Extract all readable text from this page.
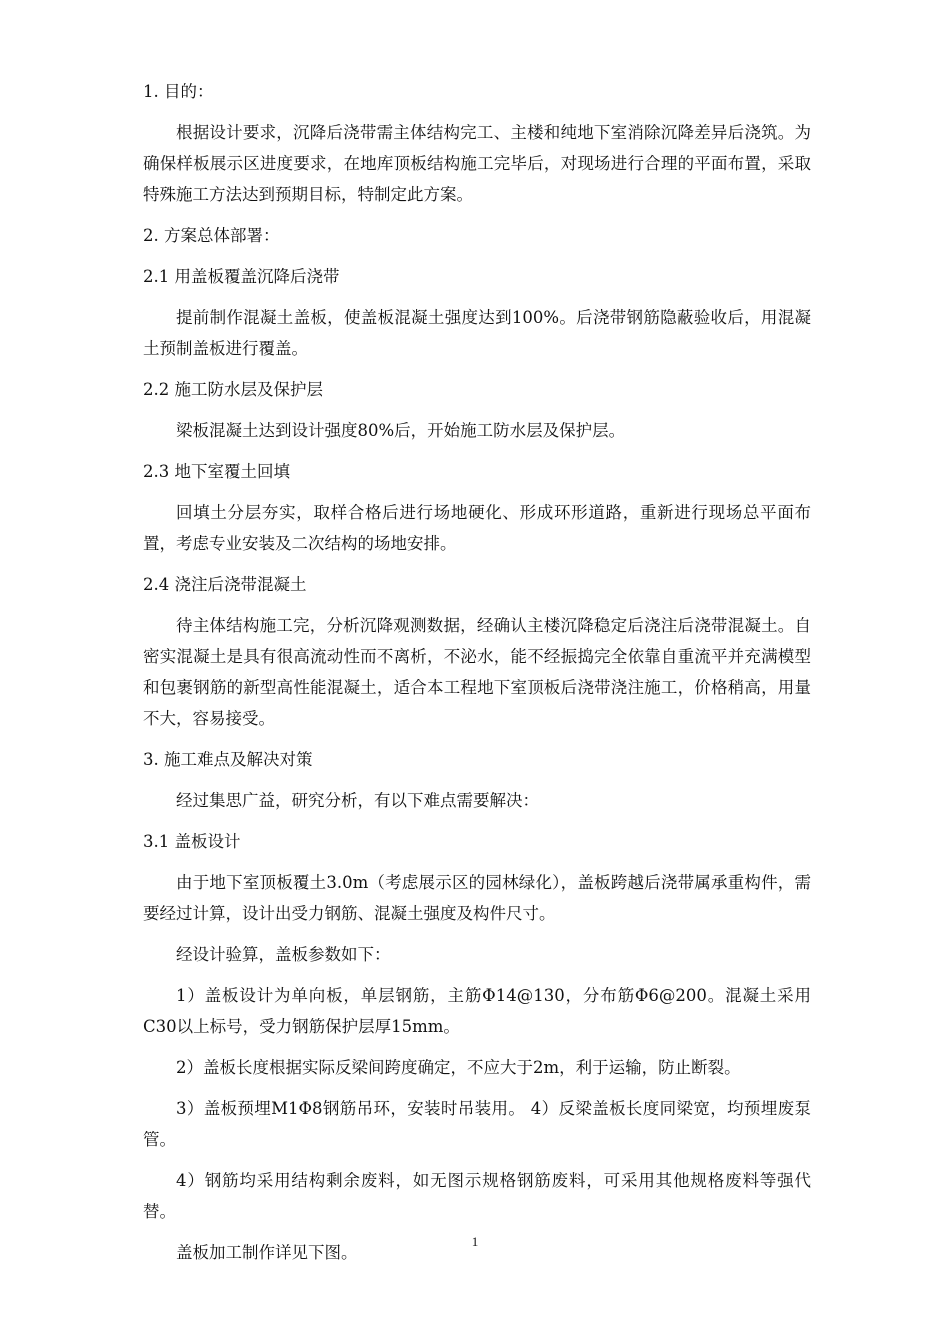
1. 目的：
根据设计要求，沉降后浇带需主体结构完工、主楼和纯地下室消除沉降差异后浇筑。为确保样板展示区进度要求，在地库顶板结构施工完毕后，对现场进行合理的平面布置，采取特殊施工方法达到预期目标，特制定此方案。
2. 方案总体部署：
2.1 用盖板覆盖沉降后浇带
提前制作混凝土盖板，使盖板混凝土强度达到100%。后浇带钢筋隐蔽验收后，用混凝土预制盖板进行覆盖。
2.2 施工防水层及保护层
梁板混凝土达到设计强度80%后，开始施工防水层及保护层。
2.3 地下室覆土回填
回填土分层夯实，取样合格后进行场地硬化、形成环形道路，重新进行现场总平面布置，考虑专业安装及二次结构的场地安排。
2.4 浇注后浇带混凝土
待主体结构施工完，分析沉降观测数据，经确认主楼沉降稳定后浇注后浇带混凝土。自密实混凝土是具有很高流动性而不离析，不泌水，能不经振捣完全依靠自重流平并充满模型和包裹钢筋的新型高性能混凝土，适合本工程地下室顶板后浇带浇注施工，价格稍高，用量不大，容易接受。
3. 施工难点及解决对策
经过集思广益，研究分析，有以下难点需要解决：
3.1 盖板设计
由于地下室顶板覆土3.0m（考虑展示区的园林绿化），盖板跨越后浇带属承重构件，需要经过计算，设计出受力钢筋、混凝土强度及构件尺寸。
经设计验算，盖板参数如下：
1）盖板设计为单向板，单层钢筋，主筋Φ14@130，分布筋Φ6@200。混凝土采用C30以上标号，受力钢筋保护层厚15mm。
2）盖板长度根据实际反梁间跨度确定，不应大于2m，利于运输，防止断裂。
3）盖板预埋M1Φ8钢筋吊环，安装时吊装用。 4）反梁盖板长度同梁宽，均预埋废泵管。
4）钢筋均采用结构剩余废料，如无图示规格钢筋废料，可采用其他规格废料等强代替。
盖板加工制作详见下图。
1
